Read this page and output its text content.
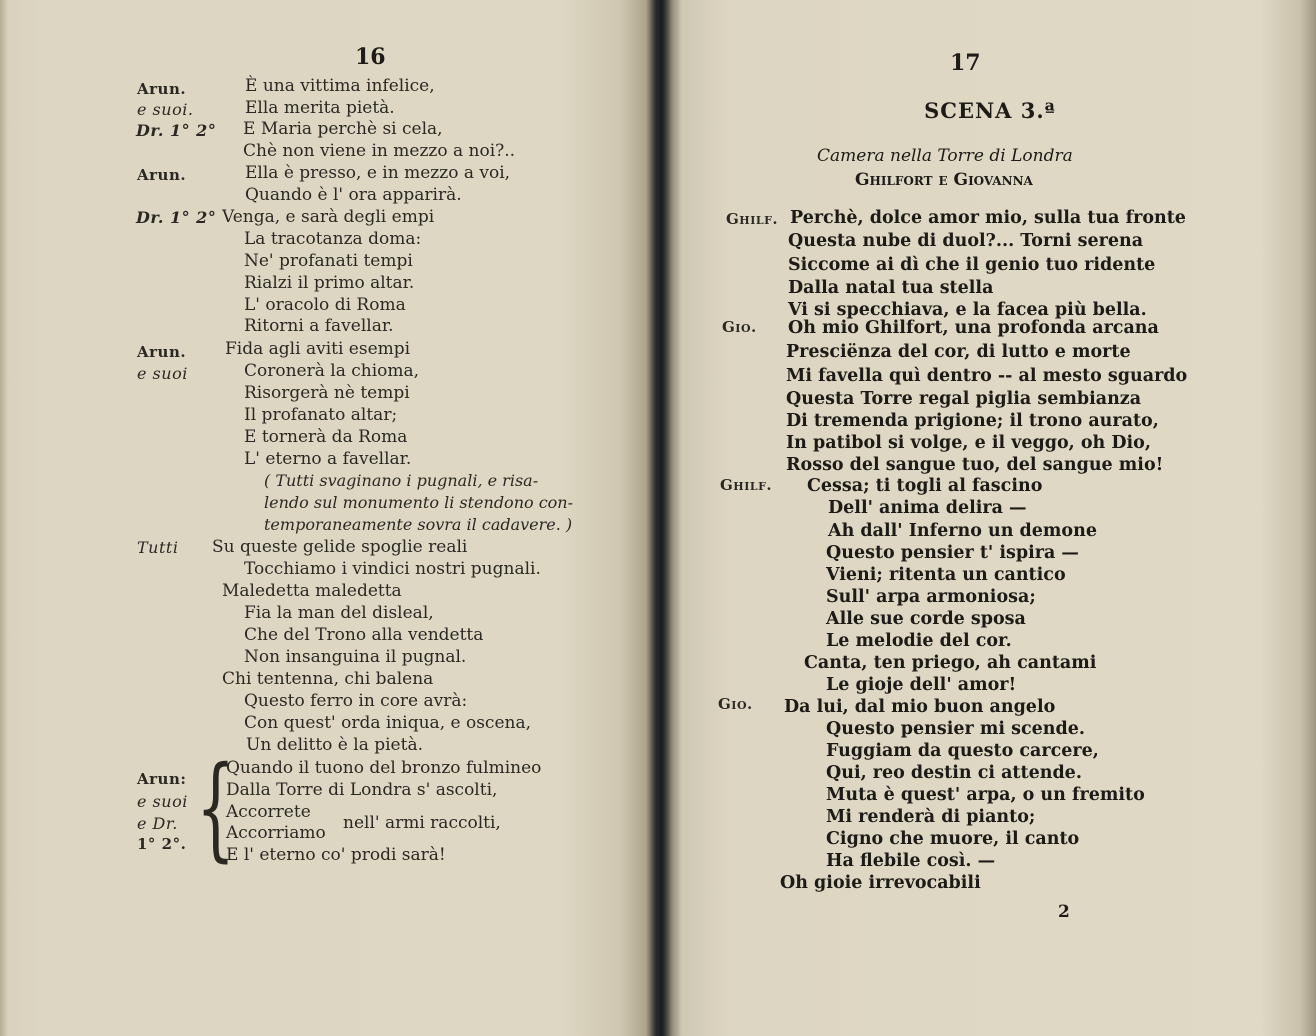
16
Arun.
e suoi.
Dr. 1° 2°
Arun.
Dr. 1° 2°
Arun.
e suoi
Tutti
Arun:
e suoi
e Dr.
1° 2°.
È una vittima infelice,
Ella merita pietà.
E Maria perchè si cela,
Chè non viene in mezzo a noi?..
Ella è presso, e in mezzo a voi,
Quando è l' ora apparirà.
Venga, e sarà degli empi
La tracotanza doma:
Ne' profanati tempi
Rialzi il primo altar.
L' oracolo di Roma
Ritorni a favellar.
Fida agli aviti esempi
Coronerà la chioma,
Risorgerà nè tempi
Il profanato altar;
E tornerà da Roma
L' eterno a favellar.
( Tutti svaginano i pugnali, e risa-
lendo sul monumento li stendono con-
temporaneamente sovra il cadavere. )
Su queste gelide spoglie reali
Tocchiamo i vindici nostri pugnali.
Maledetta maledetta
Fia la man del disleal,
Che del Trono alla vendetta
Non insanguina il pugnal.
Chi tentenna, chi balena
Questo ferro in core avrà:
Con quest' orda iniqua, e oscena,
Un delitto è la pietà.
{
Quando il tuono del bronzo fulmineo
Dalla Torre di Londra s' ascolti,
Accorrete
Accorriamo nell' armi raccolti,
E l' eterno co' prodi sarà!
17
SCENA 3.ª
Camera nella Torre di Londra
Ghilfort e Giovanna
Ghilf.
Gio.
Ghilf.
Gio.
Perchè, dolce amor mio, sulla tua fronte
Questa nube di duol?... Torni serena
Siccome ai dì che il genio tuo ridente
Dalla natal tua stella
Vi si specchiava, e la facea più bella.
Oh mio Ghilfort, una profonda arcana
Presciënza del cor, di lutto e morte
Mi favella quì dentro -- al mesto sguardo
Questa Torre regal piglia sembianza
Di tremenda prigione; il trono aurato,
In patibol si volge, e il veggo, oh Dio,
Rosso del sangue tuo, del sangue mio!
Cessa; ti togli al fascino
Dell' anima delira —
Ah dall' Inferno un demone
Questo pensier t' ispira —
Vieni; ritenta un cantico
Sull' arpa armoniosa;
Alle sue corde sposa
Le melodie del cor.
Canta, ten priego, ah cantami
Le gioje dell' amor!
Da lui, dal mio buon angelo
Questo pensier mi scende.
Fuggiam da questo carcere,
Qui, reo destin ci attende.
Muta è quest' arpa, o un fremito
Mi renderà di pianto;
Cigno che muore, il canto
Ha flebile così. —
Oh gioie irrevocabili
2
